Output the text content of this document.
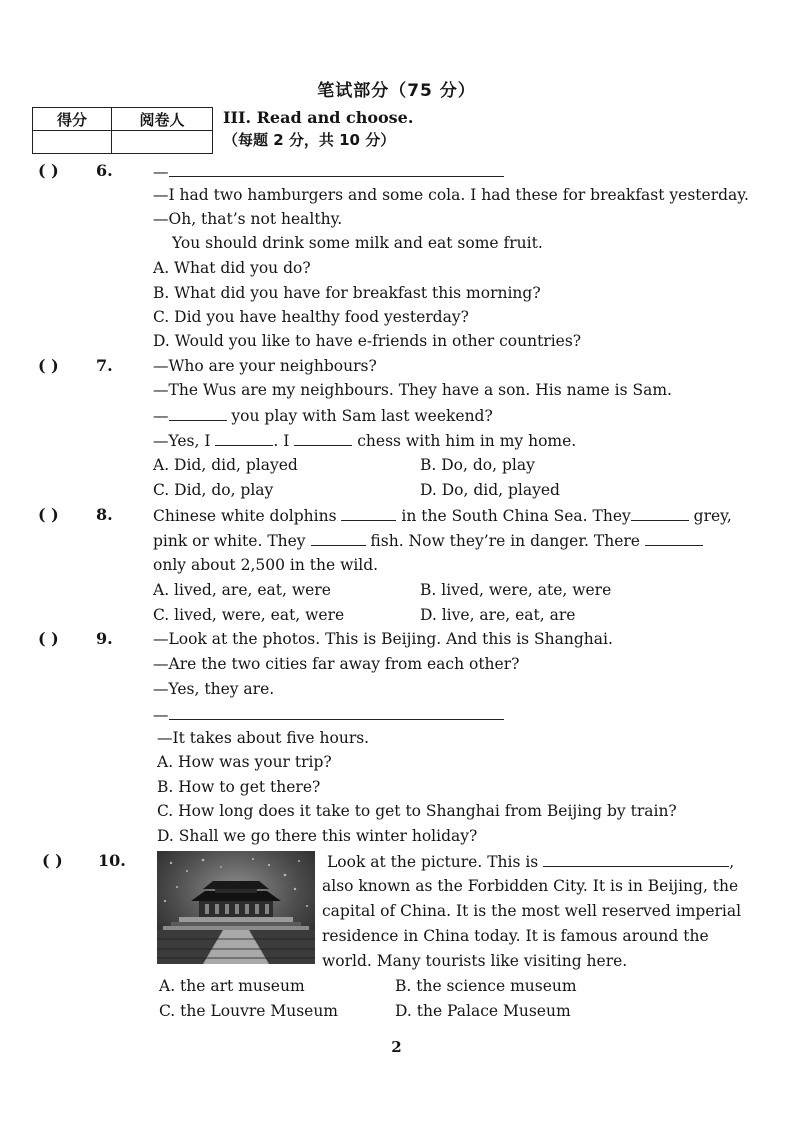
笔试部分（75 分）
得分	阅卷人
	III. Read and choose.
（每题 2 分，共 10 分）
( ) 6.	—
—I had two hamburgers and some cola. I had these for breakfast yesterday.
—Oh, that’s not healthy.
You should drink some milk and eat some fruit.
A. What did you do?
B. What did you have for breakfast this morning?
C. Did you have healthy food yesterday?
D. Would you like to have e-friends in other countries?
( ) 7.	—Who are your neighbours?
—The Wus are my neighbours. They have a son. His name is Sam.
—	you play with Sam last weekend?
—Yes, I	. I	chess with him in my home.
A. Did, did, played	B. Do, do, play
C. Did, do, play	D. Do, did, played
( ) 8.	Chinese white dolphins	in the South China Sea. They	grey,
pink or white. They	fish. Now they’re in danger. There
only about 2,500 in the wild.
A. lived, are, eat, were	B. lived, were, ate, were
C. lived, were, eat, were	D. live, are, eat, are
( ) 9.	—Look at the photos. This is Beijing. And this is Shanghai.
—Are the two cities far away from each other?
—Yes, they are.
—
—It takes about five hours.
A. How was your trip?
B. How to get there?
C. How long does it take to get to Shanghai from Beijing by train?
D. Shall we go there this winter holiday?
( ) 10.	Look at the picture. This is	,
also known as the Forbidden City. It is in Beijing, the
capital of China. It is the most well reserved imperial
residence in China today. It is famous around the
world. Many tourists like visiting here.
A. the art museum	B. the science museum
C. the Louvre Museum	D. the Palace Museum
2
